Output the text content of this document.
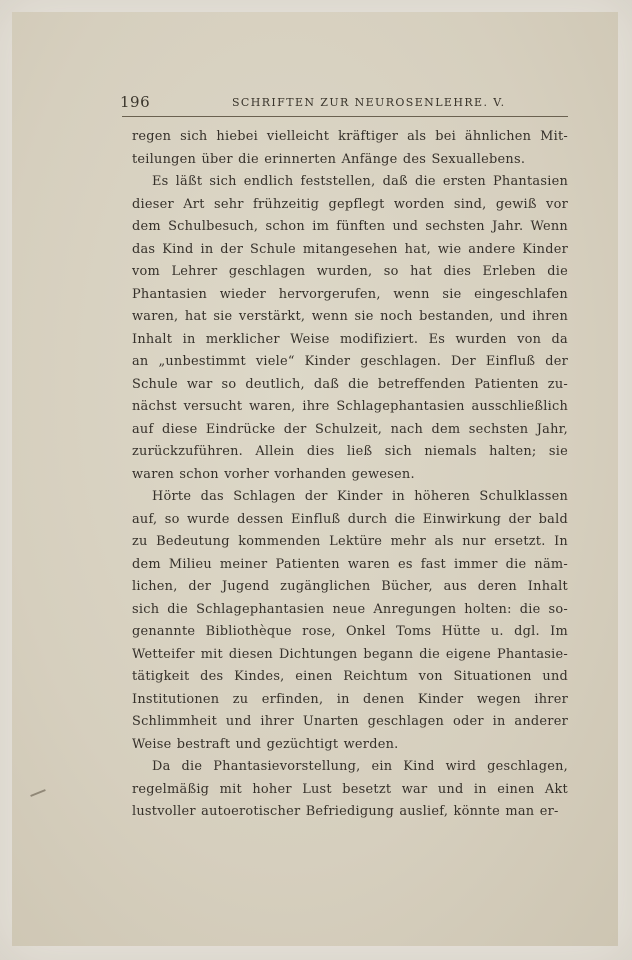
196	SCHRIFTEN ZUR NEUROSENLEHRE. V.
regen sich hiebei vielleicht kräftiger als bei ähnlichen Mit-
teilungen über die erinnerten Anfänge des Sexuallebens.
Es läßt sich endlich feststellen, daß die ersten Phantasien
dieser Art sehr frühzeitig gepflegt worden sind, gewiß vor
dem Schulbesuch, schon im fünften und sechsten Jahr. Wenn
das Kind in der Schule mitangesehen hat, wie andere Kinder
vom Lehrer geschlagen wurden, so hat dies Erleben die
Phantasien wieder hervorgerufen, wenn sie eingeschlafen
waren, hat sie verstärkt, wenn sie noch bestanden, und ihren
Inhalt in merklicher Weise modifiziert. Es wurden von da
an „unbestimmt viele“ Kinder geschlagen. Der Einfluß der
Schule war so deutlich, daß die betreffenden Patienten zu-
nächst versucht waren, ihre Schlagephantasien ausschließlich
auf diese Eindrücke der Schulzeit, nach dem sechsten Jahr,
zurückzuführen. Allein dies ließ sich niemals halten; sie
waren schon vorher vorhanden gewesen.
Hörte das Schlagen der Kinder in höheren Schulklassen
auf, so wurde dessen Einfluß durch die Einwirkung der bald
zu Bedeutung kommenden Lektüre mehr als nur ersetzt. In
dem Milieu meiner Patienten waren es fast immer die näm-
lichen, der Jugend zugänglichen Bücher, aus deren Inhalt
sich die Schlagephantasien neue Anregungen holten: die so-
genannte Bibliothèque rose, Onkel Toms Hütte u. dgl. Im
Wetteifer mit diesen Dichtungen begann die eigene Phantasie-
tätigkeit des Kindes, einen Reichtum von Situationen und
Institutionen zu erfinden, in denen Kinder wegen ihrer
Schlimmheit und ihrer Unarten geschlagen oder in anderer
Weise bestraft und gezüchtigt werden.
Da die Phantasievorstellung, ein Kind wird geschlagen,
regelmäßig mit hoher Lust besetzt war und in einen Akt
lustvoller autoerotischer Befriedigung auslief, könnte man er-
